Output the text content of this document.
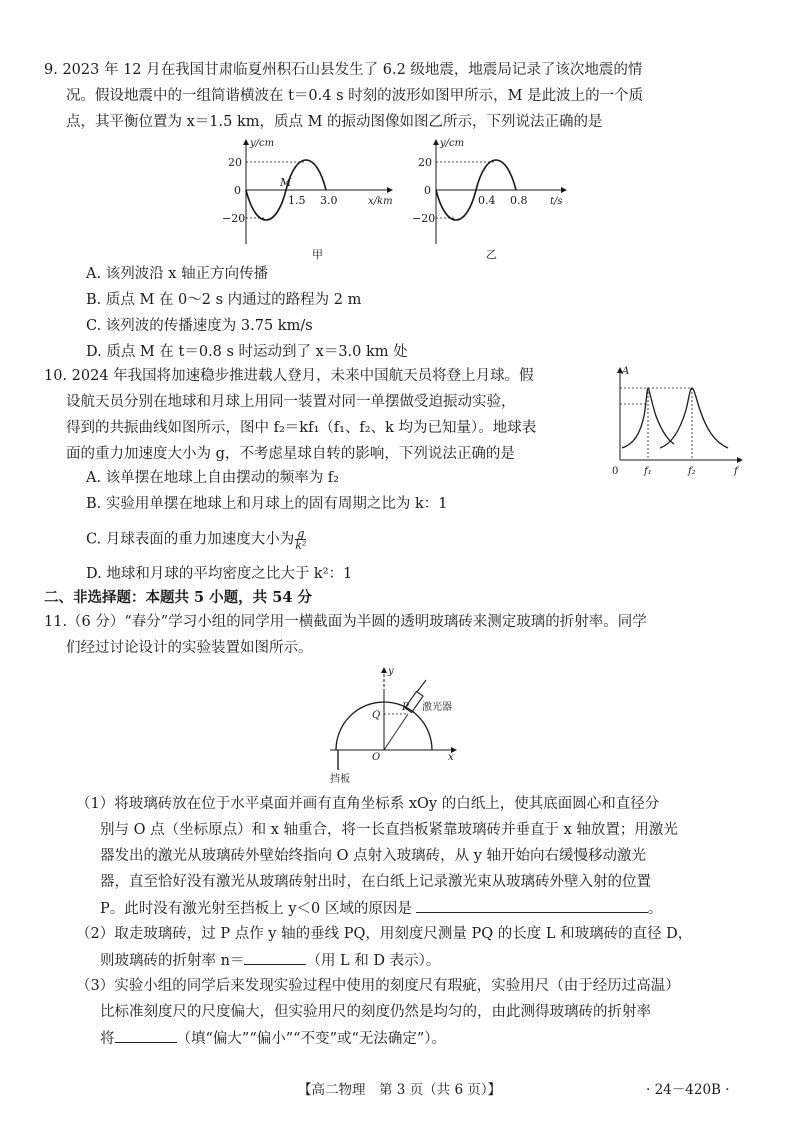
9. 2023 年 12 月在我国甘肃临夏州积石山县发生了 6.2 级地震，地震局记录了该次地震的情
况。假设地震中的一组简谐横波在 t＝0.4 s 时刻的波形如图甲所示，M 是此波上的一个质
点，其平衡位置为 x＝1.5 km，质点 M 的振动图像如图乙所示，下列说法正确的是
y/cm
20
0
−20
M
1.5 3.0	x/km
甲
y/cm
20
0
−20
0.4 0.8 t/s
乙
A. 该列波沿 x 轴正方向传播
B. 质点 M 在 0～2 s 内通过的路程为 2 m
C. 该列波的传播速度为 3.75 km/s
D. 质点 M 在 t＝0.8 s 时运动到了 x＝3.0 km 处
10. 2024 年我国将加速稳步推进载人登月，未来中国航天员将登上月球。假
设航天员分别在地球和月球上用同一装置对同一单摆做受迫振动实验，
得到的共振曲线如图所示，图中 f₂＝kf₁（f₁、f₂、k 均为已知量）。地球表
面的重力加速度大小为 g，不考虑星球自转的影响，下列说法正确的是
A
0	f₁	f₂	f
A. 该单摆在地球上自由摆动的频率为 f₂
B. 实验用单摆在地球上和月球上的固有周期之比为 k：1
C. 月球表面的重力加速度大小为 $\frac{g}{\text{k²}}$
D. 地球和月球的平均密度之比大于 k²：1
二、非选择题：本题共 5 小题，共 54 分
11.（6 分）“春分”学习小组的同学用一横截面为半圆的透明玻璃砖来测定玻璃的折射率。同学
们经过讨论设计的实验装置如图所示。
y
Q
P 激光器
O	x
挡板
（1）将玻璃砖放在位于水平桌面并画有直角坐标系 xOy 的白纸上，使其底面圆心和直径分
别与 O 点（坐标原点）和 x 轴重合，将一长直挡板紧靠玻璃砖并垂直于 x 轴放置；用激光
器发出的激光从玻璃砖外壁始终指向 O 点射入玻璃砖，从 y 轴开始向右缓慢移动激光
器，直至恰好没有激光从玻璃砖射出时，在白纸上记录激光束从玻璃砖外壁入射的位置
P。此时没有激光射至挡板上 y＜0 区域的原因是	。
（2）取走玻璃砖，过 P 点作 y 轴的垂线 PQ，用刻度尺测量 PQ 的长度 L 和玻璃砖的直径 D，
则玻璃砖的折射率 n＝	（用 L 和 D 表示）。
（3）实验小组的同学后来发现实验过程中使用的刻度尺有瑕疵，实验用尺（由于经历过高温）
比标准刻度尺的尺度偏大，但实验用尺的刻度仍然是均匀的，由此测得玻璃砖的折射率
将	（填“偏大”“偏小”“不变”或“无法确定”）。
【高二物理　第 3 页（共 6 页）】	· 24－420B ·
